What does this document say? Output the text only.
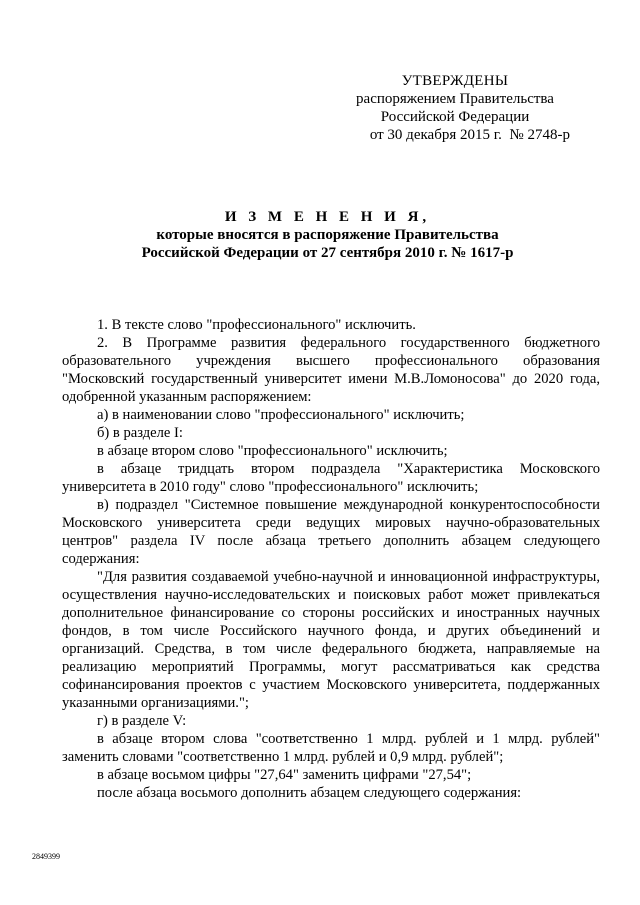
УТВЕРЖДЕНЫ
распоряжением Правительства
Российской Федерации
от 30 декабря 2015 г.  № 2748-р
И З М Е Н Е Н И Я,
которые вносятся в распоряжение Правительства
Российской Федерации от 27 сентября 2010 г. № 1617-р

1. В тексте слово "профессионального" исключить.

2. В Программе развития федерального государственного бюджетного образовательного учреждения высшего профессионального образования "Московский государственный университет имени М.В.Ломоносова" до 2020 года, одобренной указанным распоряжением:

а) в наименовании слово "профессионального" исключить;

б) в разделе I:

в абзаце втором слово "профессионального" исключить;

в абзаце тридцать втором подраздела "Характеристика Московского университета в 2010 году" слово "профессионального" исключить;

в) подраздел "Системное повышение международной конкурентоспособности Московского университета среди ведущих мировых научно-образовательных центров" раздела IV после абзаца третьего дополнить абзацем следующего содержания:

"Для развития создаваемой учебно-научной и инновационной инфраструктуры, осуществления научно-исследовательских и поисковых работ может привлекаться дополнительное финансирование со стороны российских и иностранных научных фондов, в том числе Российского научного фонда, и других объединений и организаций. Средства, в том числе федерального бюджета, направляемые на реализацию мероприятий Программы, могут рассматриваться как средства софинансирования проектов с участием Московского университета, поддержанных указанными организациями.";

г) в разделе V:

в абзаце втором слова "соответственно 1 млрд. рублей и 1 млрд. рублей" заменить словами "соответственно 1 млрд. рублей и 0,9 млрд. рублей";

в абзаце восьмом цифры "27,64" заменить цифрами "27,54";

после абзаца восьмого дополнить абзацем следующего содержания:

2849399
